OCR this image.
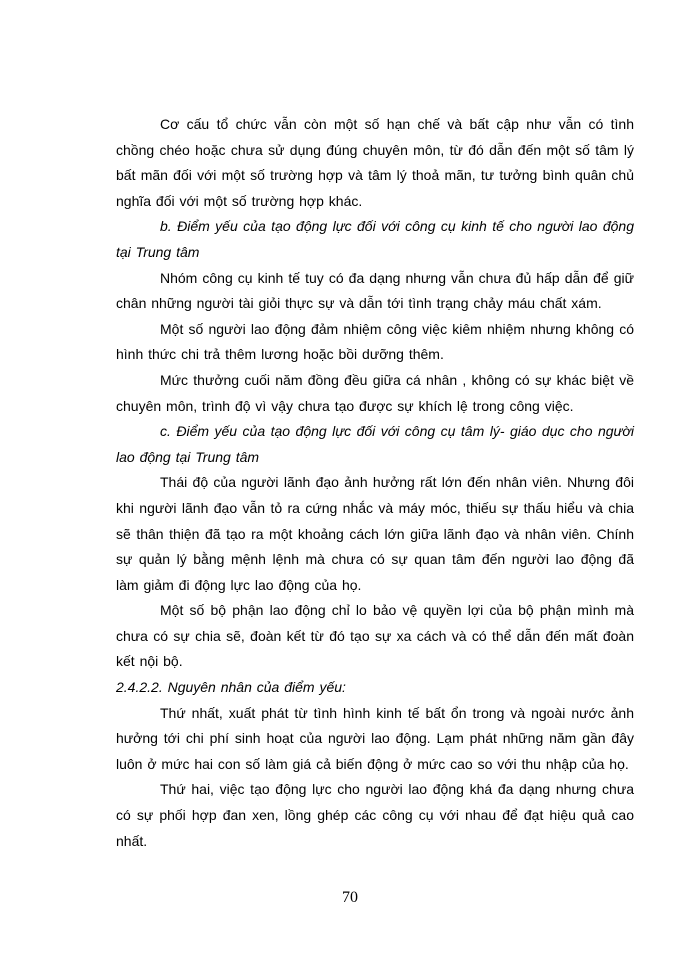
Cơ cấu tổ chức vẫn còn một số hạn chế và bất cập như vẫn có tình chồng chéo hoặc chưa sử dụng đúng chuyên môn, từ đó dẫn đến một số tâm lý bất mãn đối với một số trường hợp và tâm lý thoả mãn, tư tưởng bình quân chủ nghĩa đối với một số trường hợp khác.

b. Điểm yếu của tạo động lực đối với công cụ kinh tế cho người lao động tại Trung tâm

Nhóm công cụ kinh tế tuy có đa dạng nhưng vẫn chưa đủ hấp dẫn để giữ chân những người tài giỏi thực sự và dẫn tới tình trạng chảy máu chất xám.

Một số người lao động đảm nhiệm công việc kiêm nhiệm nhưng không có hình thức chi trả thêm lương hoặc bồi dưỡng thêm.

Mức thưởng cuối năm đồng đều giữa cá nhân , không có sự khác biệt về chuyên môn, trình độ vì vậy chưa tạo được sự khích lệ trong công việc.

c. Điểm yếu của tạo động lực đối với công cụ tâm lý- giáo dục cho người lao động tại Trung tâm

Thái độ của người lãnh đạo ảnh hưởng rất lớn đến nhân viên. Nhưng đôi khi người lãnh đạo vẫn tỏ ra cứng nhắc và máy móc, thiếu sự thấu hiểu và chia sẽ thân thiện đã tạo ra một khoảng cách lớn giữa lãnh đạo và nhân viên. Chính sự quản lý bằng mệnh lệnh mà chưa có sự quan tâm đến người lao động đã làm giảm đi động lực lao động của họ.

Một số bộ phận lao động chỉ lo bảo vệ quyền lợi của bộ phận mình mà chưa có sự chia sẽ, đoàn kết từ đó tạo sự xa cách và có thể dẫn đến mất đoàn kết nội bộ.

2.4.2.2. Nguyên nhân của điểm yếu:

Thứ nhất, xuất phát từ tình hình kinh tế bất ổn trong và ngoài nước ảnh hưởng tới chi phí sinh hoạt của người lao động. Lạm phát những năm gần đây luôn ở mức hai con số làm giá cả biến động ở mức cao so với thu nhập của họ.

Thứ hai, việc tạo động lực cho người lao động khá đa dạng nhưng chưa có sự phối hợp đan xen, lồng ghép các công cụ với nhau để đạt hiệu quả cao nhất.

70
